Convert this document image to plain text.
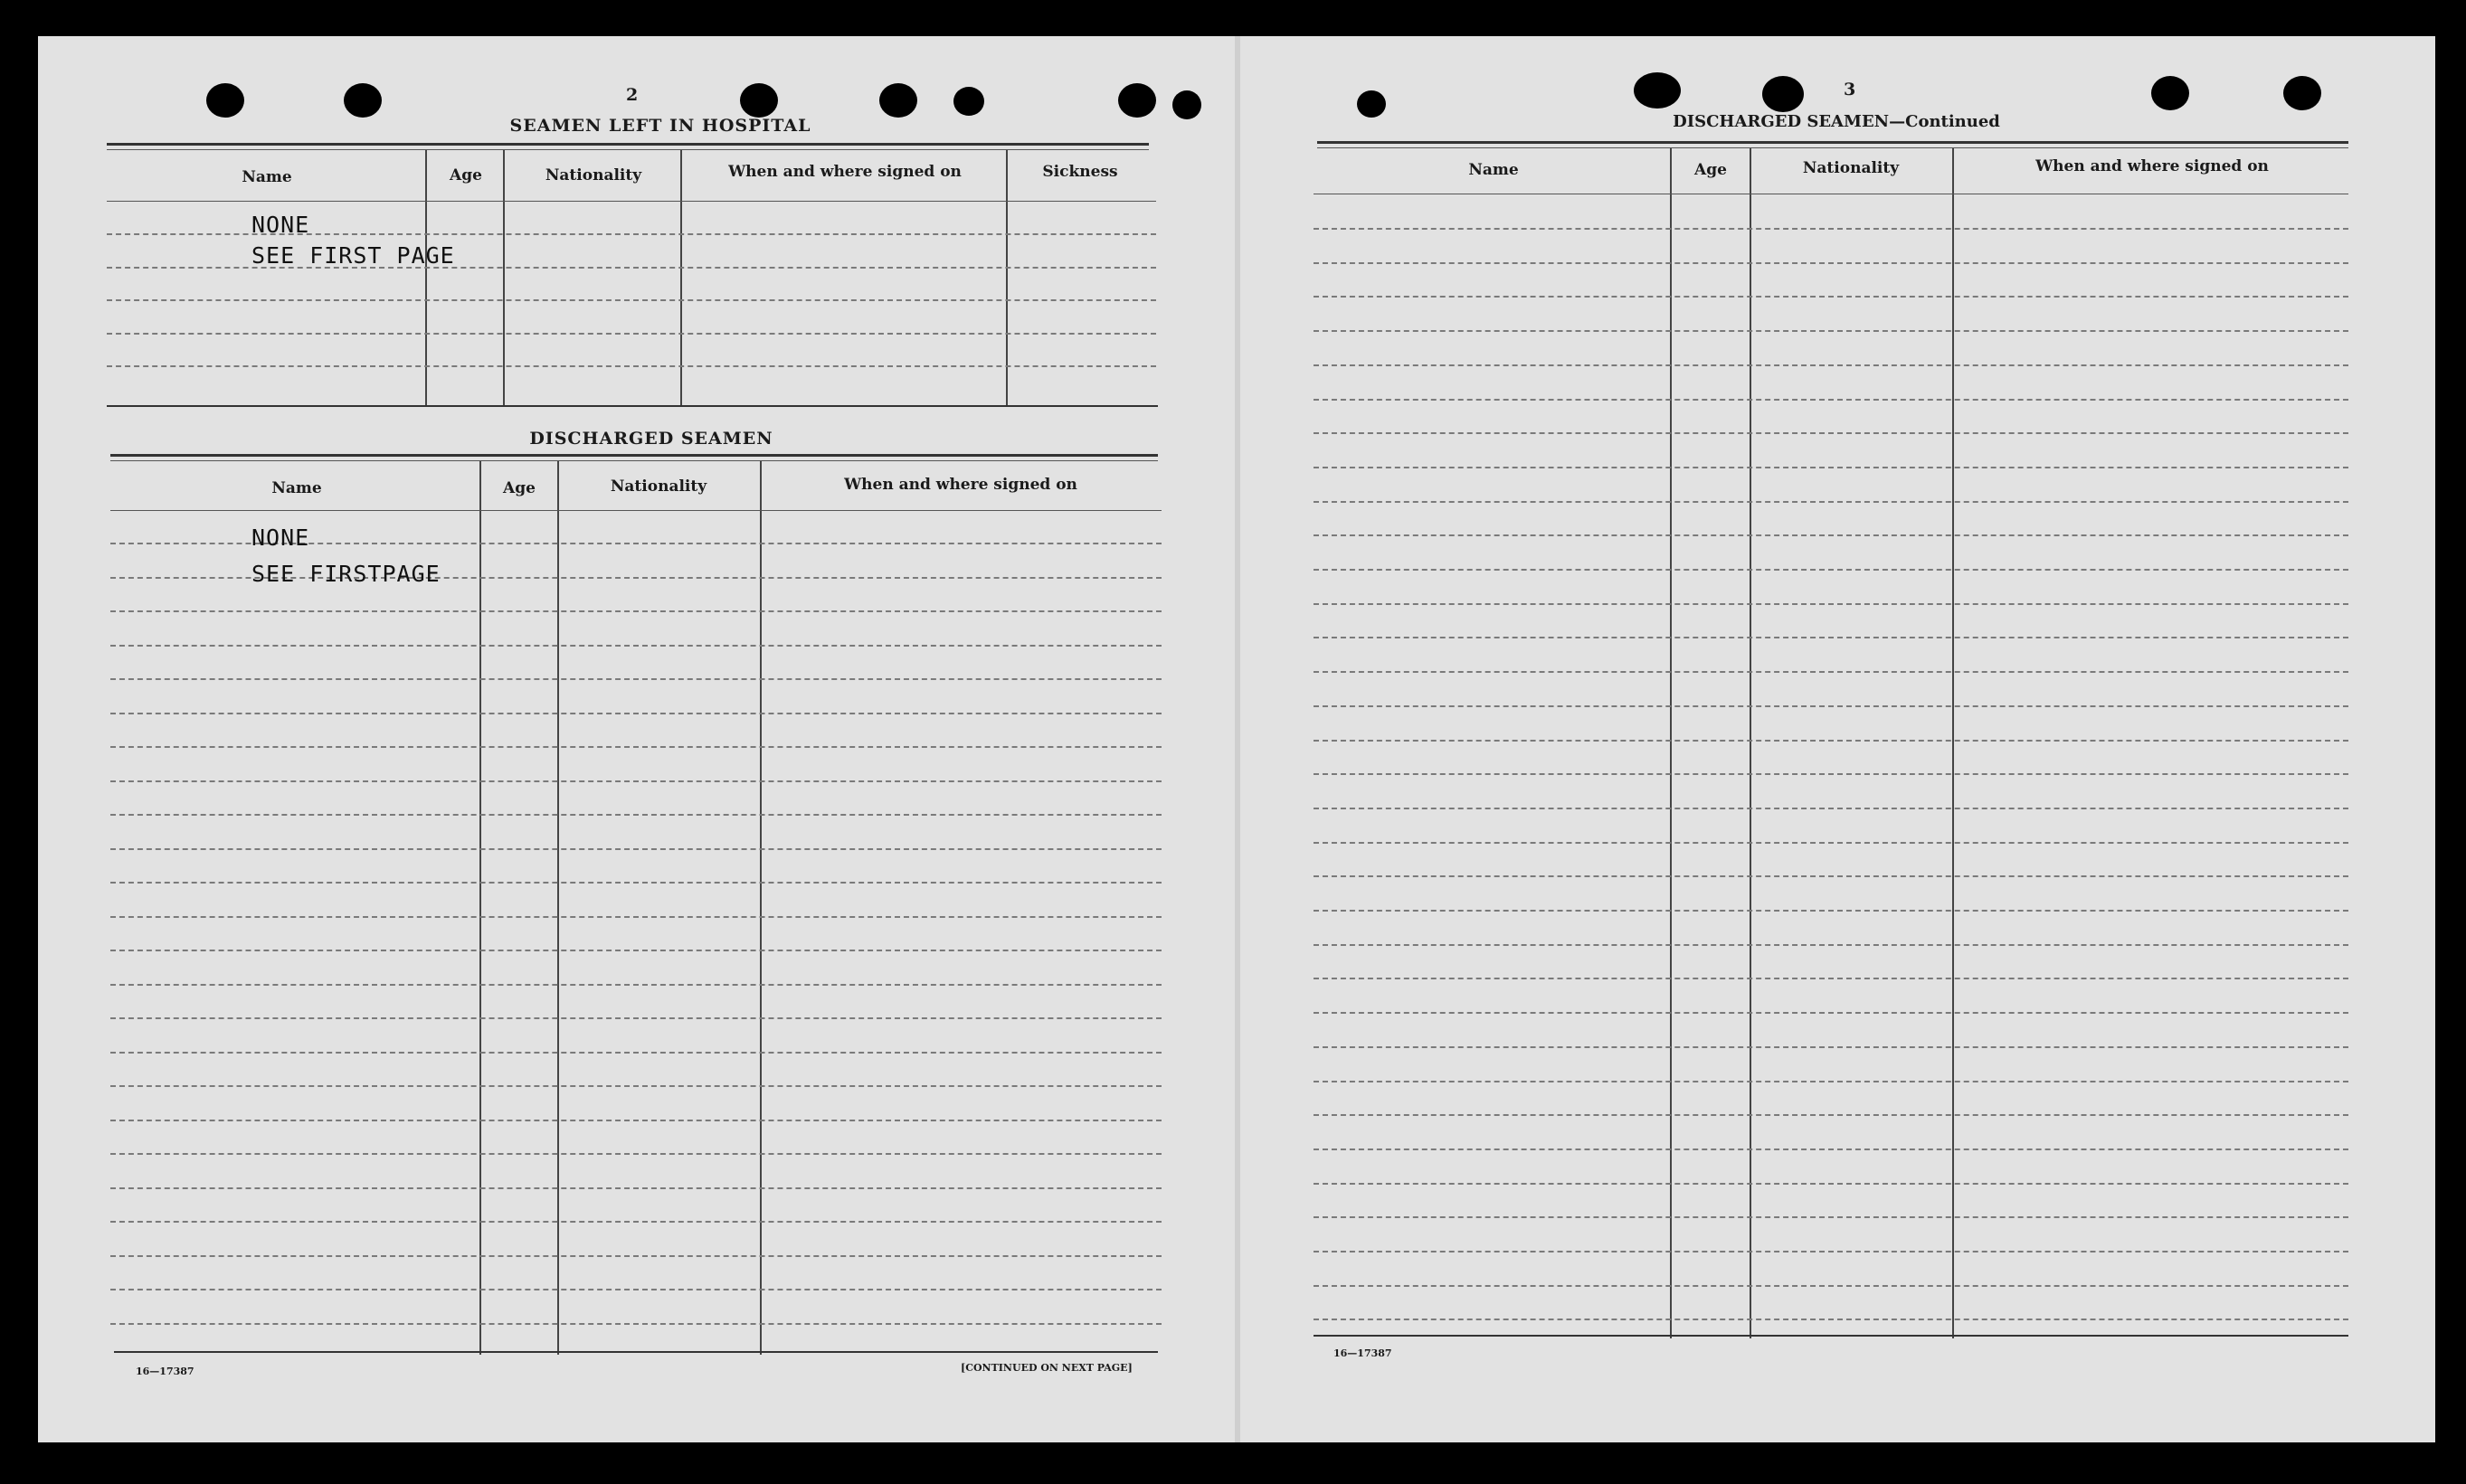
2
SEAMEN LEFT IN HOSPITAL
Name	Age	Nationality	When and where signed on	Sickness
NONE
SEE FIRST PAGE
DISCHARGED SEAMEN
Name	Age	Nationality	When and where signed on
NONE
SEE FIRSTPAGE
16—17387	[CONTINUED ON NEXT PAGE]
3
DISCHARGED SEAMEN—Continued
Name	Age	Nationality	When and where signed on
16—17387
